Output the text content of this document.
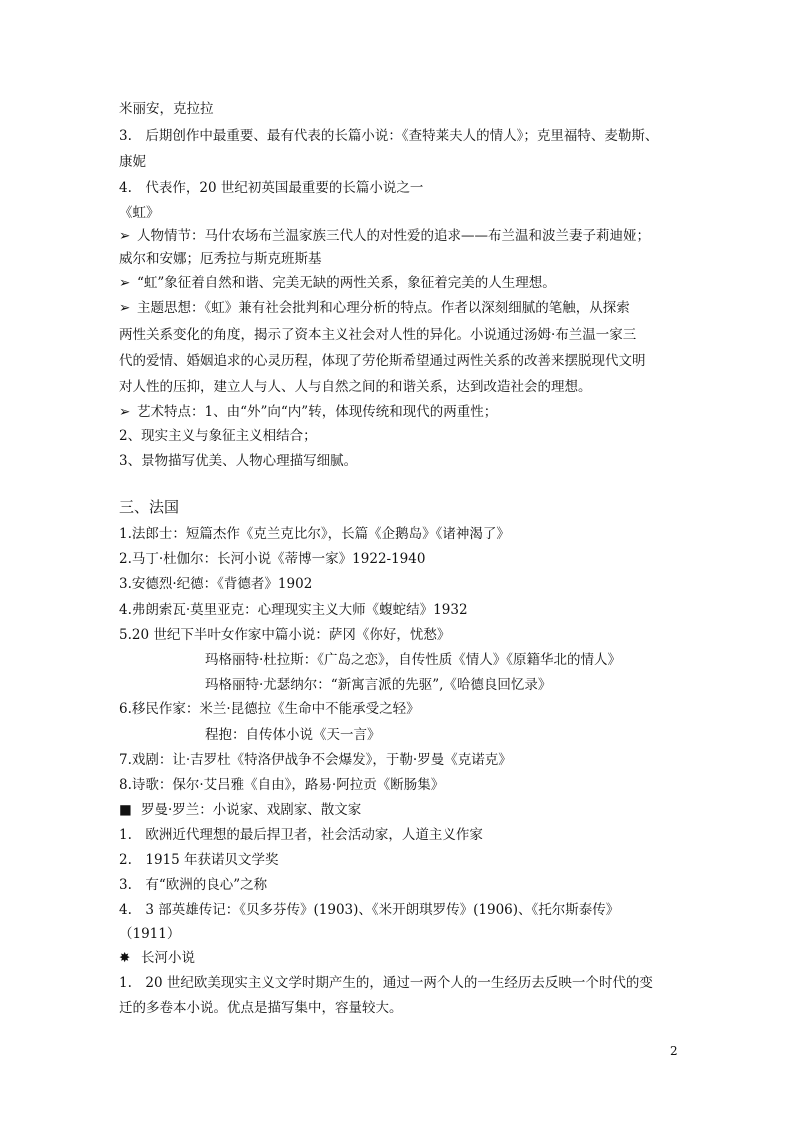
米丽安，克拉拉
3.　后期创作中最重要、最有代表的长篇小说：《查特莱夫人的情人》；克里福特、麦勒斯、
康妮
4.　代表作，20 世纪初英国最重要的长篇小说之一
《虹》
➢ 人物情节：马什农场布兰温家族三代人的对性爱的追求——布兰温和波兰妻子莉迪娅；
威尔和安娜；厄秀拉与斯克班斯基
➢ “虹”象征着自然和谐、完美无缺的两性关系，象征着完美的人生理想。
➢ 主题思想：《虹》兼有社会批判和心理分析的特点。作者以深刻细腻的笔触，从探索
两性关系变化的角度，揭示了资本主义社会对人性的异化。小说通过汤姆·布兰温一家三
代的爱情、婚姻追求的心灵历程，体现了劳伦斯希望通过两性关系的改善来摆脱现代文明
对人性的压抑，建立人与人、人与自然之间的和谐关系，达到改造社会的理想。
➢ 艺术特点：1、由“外”向“内”转，体现传统和现代的两重性；
2、现实主义与象征主义相结合；
3、景物描写优美、人物心理描写细腻。
三、法国
1.法郎士：短篇杰作《克兰克比尔》，长篇《企鹅岛》《诸神渴了》
2.马丁·杜伽尔：长河小说《蒂博一家》1922-1940
3.安德烈·纪德：《背德者》1902
4.弗朗索瓦·莫里亚克：心理现实主义大师《蝮蛇结》1932
5.20 世纪下半叶女作家中篇小说：萨冈《你好，忧愁》
玛格丽特·杜拉斯：《广岛之恋》，自传性质《情人》《原籍华北的情人》
玛格丽特·尤瑟纳尔：“新寓言派的先驱”,《哈德良回忆录》
6.移民作家：米兰·昆德拉《生命中不能承受之轻》
程抱：自传体小说《天一言》
7.戏剧：让·吉罗杜《特洛伊战争不会爆发》，于勒·罗曼《克诺克》
8.诗歌：保尔·艾吕雅《自由》，路易·阿拉贡《断肠集》
■ 罗曼·罗兰：小说家、戏剧家、散文家
1.　欧洲近代理想的最后捍卫者，社会活动家，人道主义作家
2.　1915 年获诺贝文学奖
3.　有“欧洲的良心”之称
4.　3 部英雄传记：《贝多芬传》(1903)、《米开朗琪罗传》(1906)、《托尔斯泰传》
（1911）
✸ 长河小说
1.　20 世纪欧美现实主义文学时期产生的，通过一两个人的一生经历去反映一个时代的变
迁的多卷本小说。优点是描写集中，容量较大。
2
